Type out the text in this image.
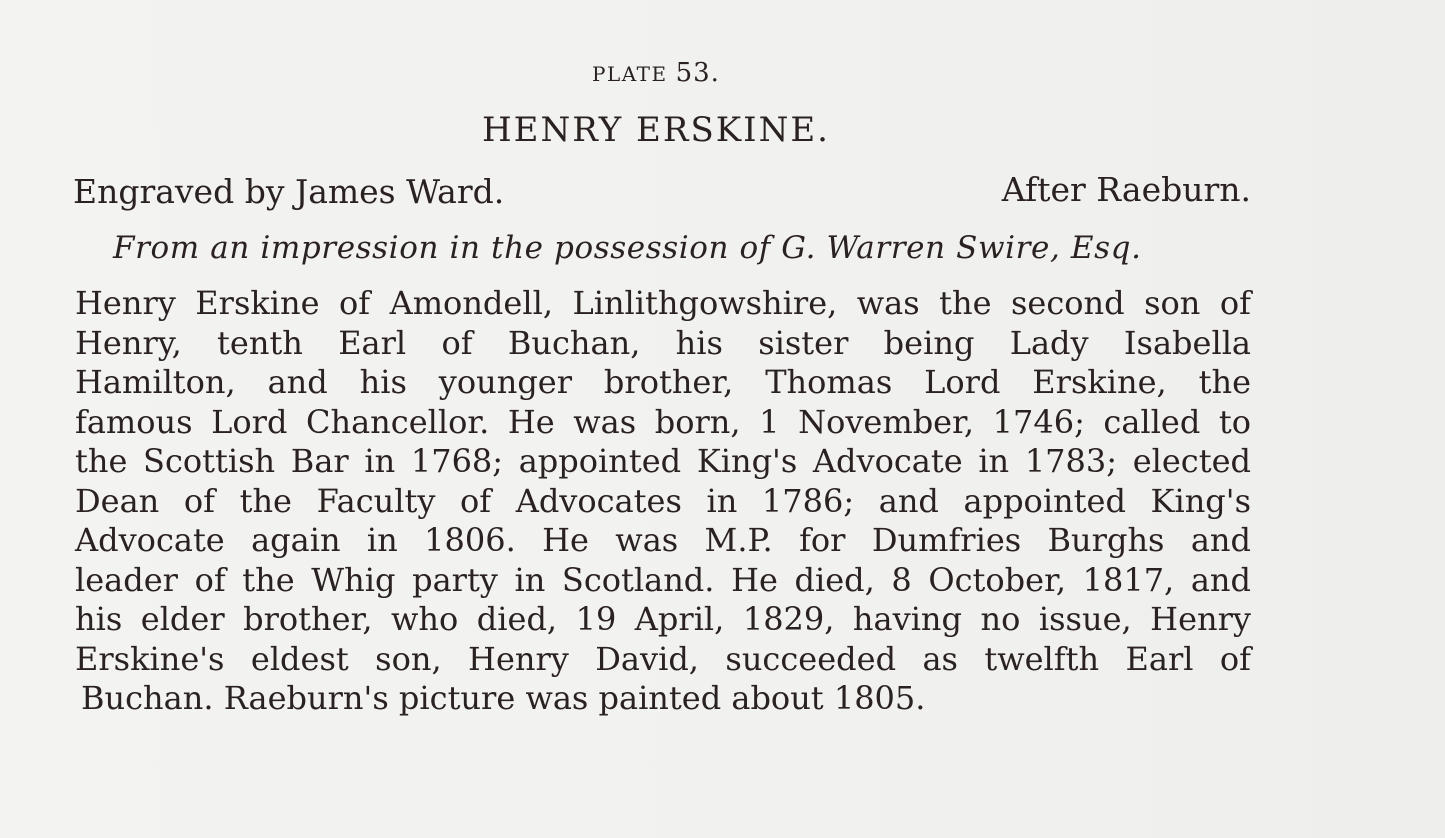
PLATE 53.
HENRY ERSKINE.
Engraved by James Ward.	After Raeburn.
From an impression in the possession of G. Warren Swire, Esq.
Henry Erskine of Amondell, Linlithgowshire, was the second son of
Henry, tenth Earl of Buchan, his sister being Lady Isabella
Hamilton, and his younger brother, Thomas Lord Erskine, the
famous Lord Chancellor. He was born, 1 November, 1746; called to
the Scottish Bar in 1768; appointed King's Advocate in 1783; elected
Dean of the Faculty of Advocates in 1786; and appointed King's
Advocate again in 1806. He was M.P. for Dumfries Burghs and
leader of the Whig party in Scotland. He died, 8 October, 1817, and
his elder brother, who died, 19 April, 1829, having no issue, Henry
Erskine's eldest son, Henry David, succeeded as twelfth Earl of
Buchan. Raeburn's picture was painted about 1805.
